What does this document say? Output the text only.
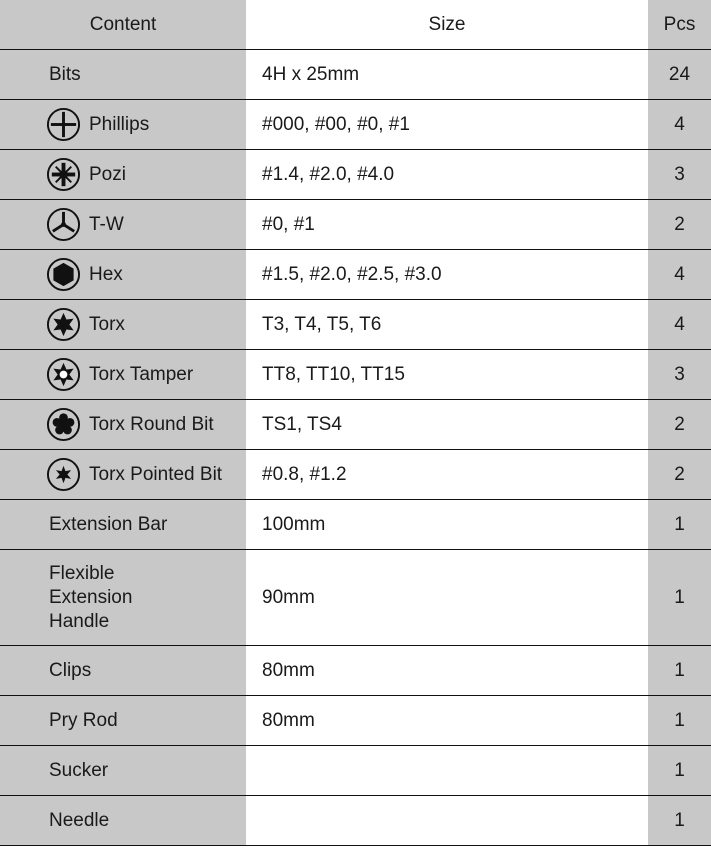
Content	Size	Pcs
Bits	4H x 25mm	24

Phillips	#000, #00, #0, #1	4

Pozi	#1.4, #2.0, #4.0	3

T-W	#0, #1	2

Hex	#1.5, #2.0, #2.5, #3.0	4

Torx	T3, T4, T5, T6	4

Torx Tamper	TT8, TT10, TT15	3

Torx Round Bit	TS1, TS4	2

Torx Pointed Bit	#0.8, #1.2	2
Extension Bar	100mm	1

Flexible
Extension
Handle	90mm	1
Clips	80mm	1
Pry Rod	80mm	1
Sucker		1
Needle		1
